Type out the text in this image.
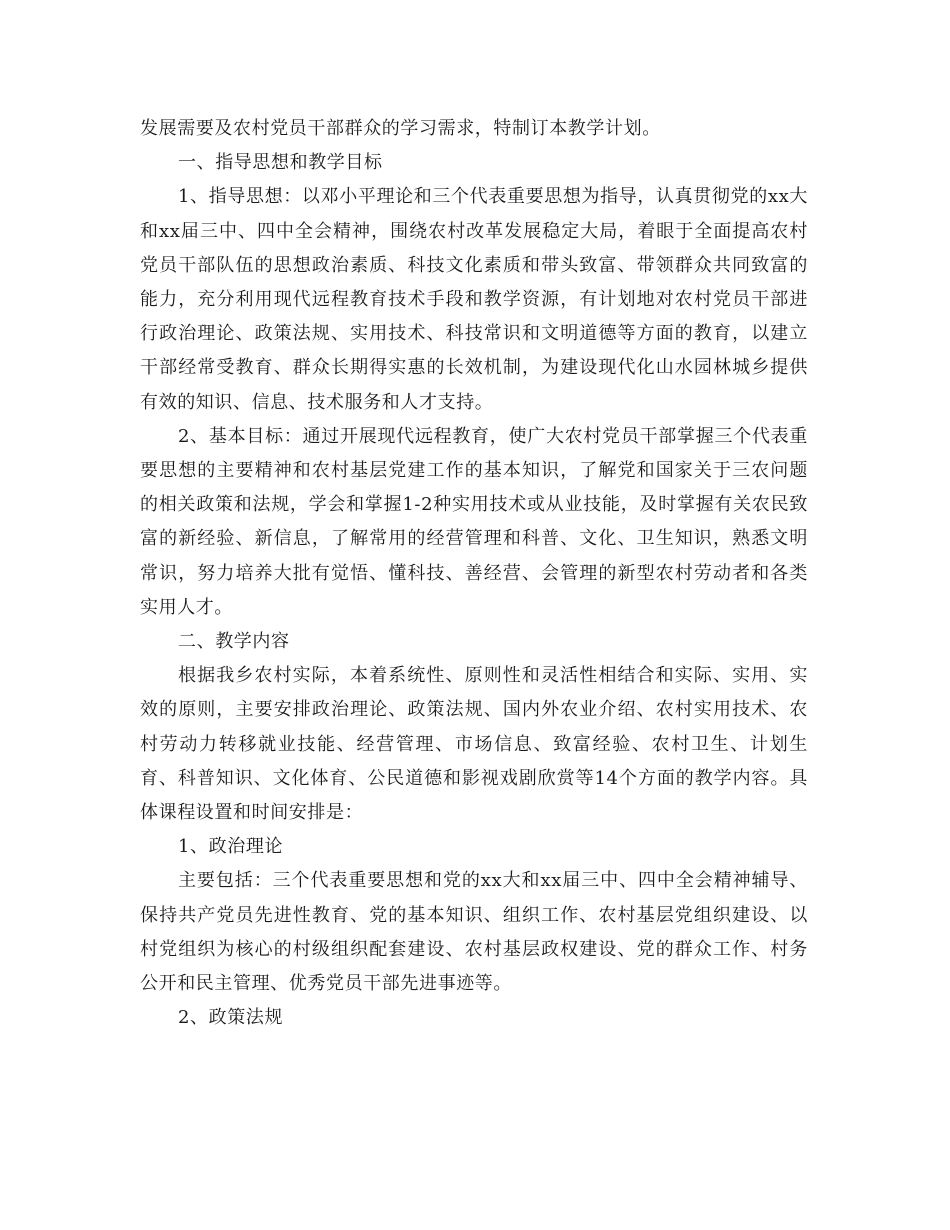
发展需要及农村党员干部群众的学习需求，特制订本教学计划。

一、指导思想和教学目标

1、指导思想：以邓小平理论和三个代表重要思想为指导，认真贯彻党的xx大和xx届三中、四中全会精神，围绕农村改革发展稳定大局，着眼于全面提高农村党员干部队伍的思想政治素质、科技文化素质和带头致富、带领群众共同致富的能力，充分利用现代远程教育技术手段和教学资源，有计划地对农村党员干部进行政治理论、政策法规、实用技术、科技常识和文明道德等方面的教育，以建立干部经常受教育、群众长期得实惠的长效机制，为建设现代化山水园林城乡提供有效的知识、信息、技术服务和人才支持。

2、基本目标：通过开展现代远程教育，使广大农村党员干部掌握三个代表重要思想的主要精神和农村基层党建工作的基本知识，了解党和国家关于三农问题的相关政策和法规，学会和掌握1-2种实用技术或从业技能，及时掌握有关农民致富的新经验、新信息，了解常用的经营管理和科普、文化、卫生知识，熟悉文明常识，努力培养大批有觉悟、懂科技、善经营、会管理的新型农村劳动者和各类实用人才。

二、教学内容

根据我乡农村实际，本着系统性、原则性和灵活性相结合和实际、实用、实效的原则，主要安排政治理论、政策法规、国内外农业介绍、农村实用技术、农村劳动力转移就业技能、经营管理、市场信息、致富经验、农村卫生、计划生育、科普知识、文化体育、公民道德和影视戏剧欣赏等14个方面的教学内容。具体课程设置和时间安排是：

1、政治理论

主要包括：三个代表重要思想和党的xx大和xx届三中、四中全会精神辅导、保持共产党员先进性教育、党的基本知识、组织工作、农村基层党组织建设、以村党组织为核心的村级组织配套建设、农村基层政权建设、党的群众工作、村务公开和民主管理、优秀党员干部先进事迹等。

2、政策法规
